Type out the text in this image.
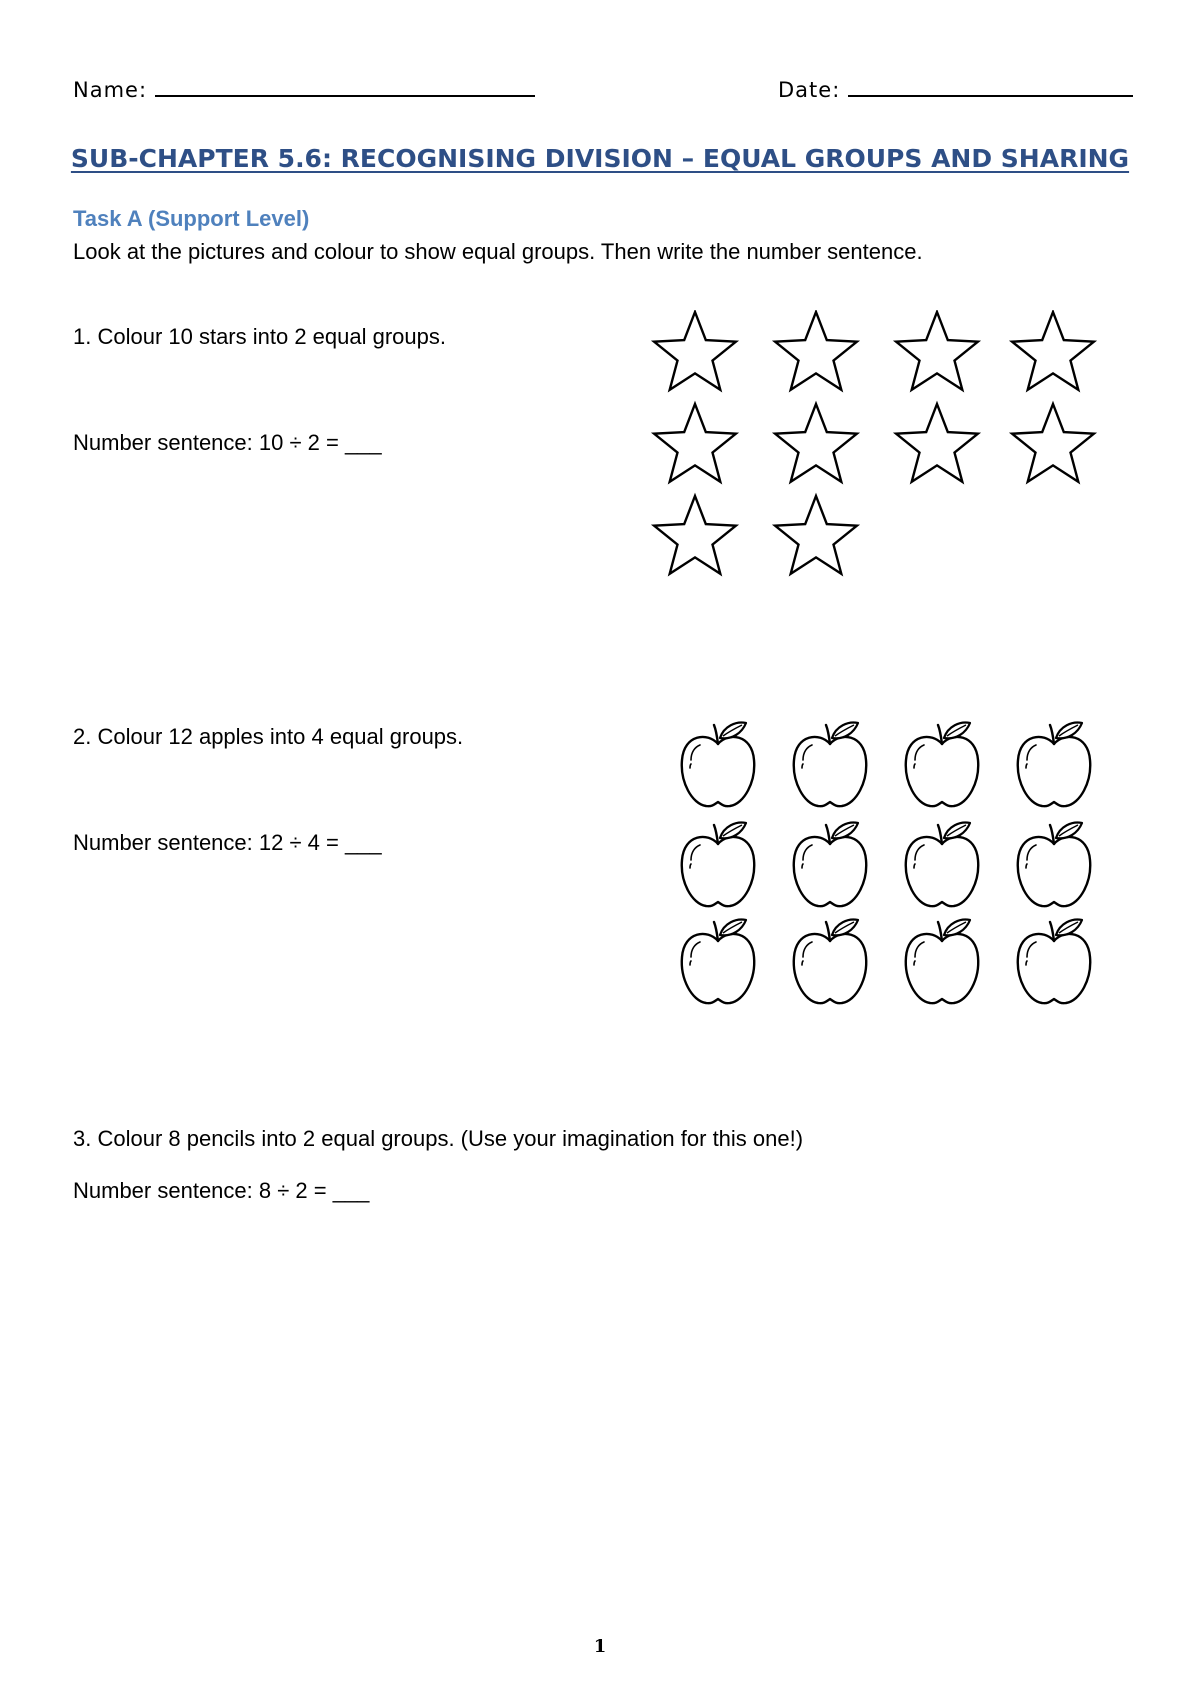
Name:	Date:
SUB-CHAPTER 5.6: RECOGNISING DIVISION – EQUAL GROUPS AND SHARING
Task A (Support Level)
Look at the pictures and colour to show equal groups. Then write the number sentence.
1. Colour 10 stars into 2 equal groups.
Number sentence: 10 ÷ 2 = ___
2. Colour 12 apples into 4 equal groups.
Number sentence: 12 ÷ 4 = ___
3. Colour 8 pencils into 2 equal groups. (Use your imagination for this one!)
Number sentence: 8 ÷ 2 = ___
1
